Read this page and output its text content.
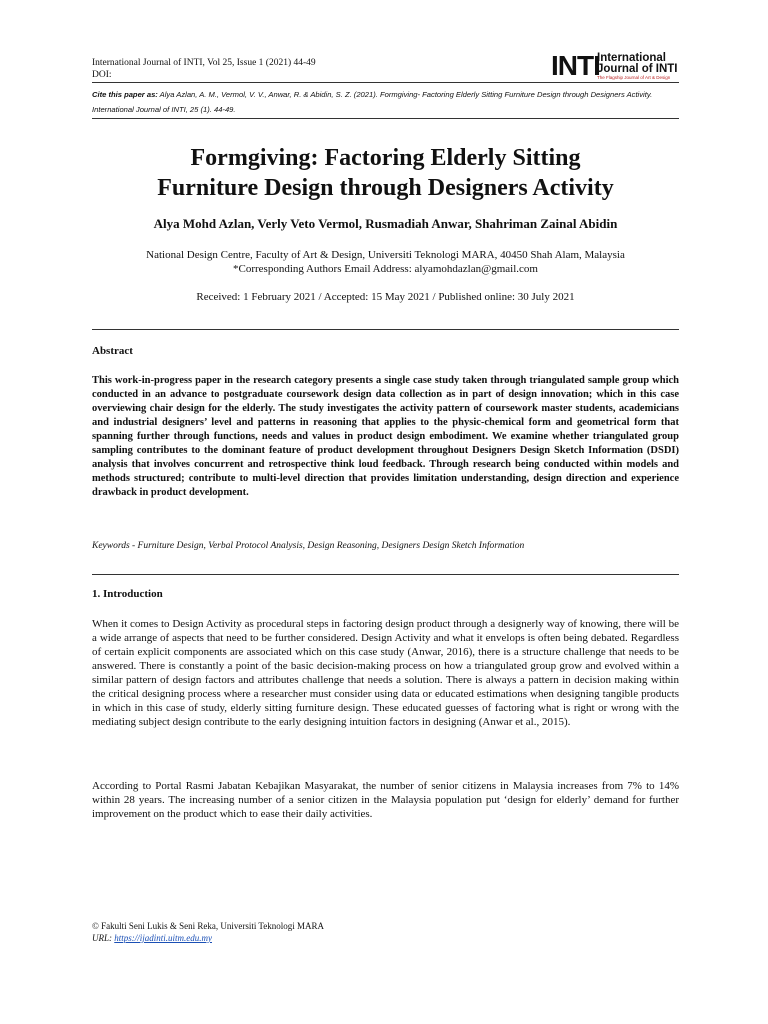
International Journal of INTI, Vol 25, Issue 1 (2021) 44-49
DOI:	INTI
International
Journal of INTI
The Flagship Journal of Art & Design
Cite this paper as: Alya Azlan, A. M., Vermol, V. V., Anwar, R. & Abidin, S. Z. (2021). Formgiving- Factoring Elderly Sitting Furniture Design through Designers Activity. International Journal of INTI, 25 (1). 44-49.
Formgiving: Factoring Elderly Sitting
Furniture Design through Designers Activity
Alya Mohd Azlan, Verly Veto Vermol, Rusmadiah Anwar, Shahriman Zainal Abidin
National Design Centre, Faculty of Art & Design, Universiti Teknologi MARA, 40450 Shah Alam, Malaysia
*Corresponding Authors Email Address: alyamohdazlan@gmail.com
Received: 1 February 2021 / Accepted: 15 May 2021 / Published online: 30 July 2021
Abstract
This work-in-progress paper in the research category presents a single case study taken through triangulated sample group which conducted in an advance to postgraduate coursework design data collection as in part of design innovation; which in this case overviewing chair design for the elderly. The study investigates the activity pattern of coursework master students, academicians and industrial designers’ level and patterns in reasoning that applies to the physic-chemical form and geometrical form that spanning further through functions, needs and values in product design embodiment. We examine whether triangulated group sampling contributes to the dominant feature of product development throughout Designers Design Sketch Information (DSDI) analysis that involves concurrent and retrospective think loud feedback. Through research being conducted within models and methods structured; contribute to multi-level direction that provides limitation understanding, design direction and experience drawback in product development.
Keywords - Furniture Design, Verbal Protocol Analysis, Design Reasoning, Designers Design Sketch Information
1. Introduction
When it comes to Design Activity as procedural steps in factoring design product through a designerly way of knowing, there will be a wide arrange of aspects that need to be further considered. Design Activity and what it envelops is often being debated. Regardless of certain explicit components are associated which on this case study (Anwar, 2016), there is a structure challenge that needs to be answered. There is constantly a point of the basic decision-making process on how a triangulated group grow and evolved within a similar pattern of design factors and attributes challenge that needs a solution. There is always a pattern in decision making within the critical designing process where a researcher must consider using data or educated estimations when designing tangible products in which in this case of study, elderly sitting furniture design. These educated guesses of factoring what is right or wrong with the mediating subject design contribute to the early designing intuition factors in designing (Anwar et al., 2015).
According to Portal Rasmi Jabatan Kebajikan Masyarakat, the number of senior citizens in Malaysia increases from 7% to 14% within 28 years. The increasing number of a senior citizen in the Malaysia population put ‘design for elderly’ demand for further improvement on the product which to ease their daily activities.
© Fakulti Seni Lukis & Seni Reka, Universiti Teknologi MARA
URL: https://ijadinti.uitm.edu.my
